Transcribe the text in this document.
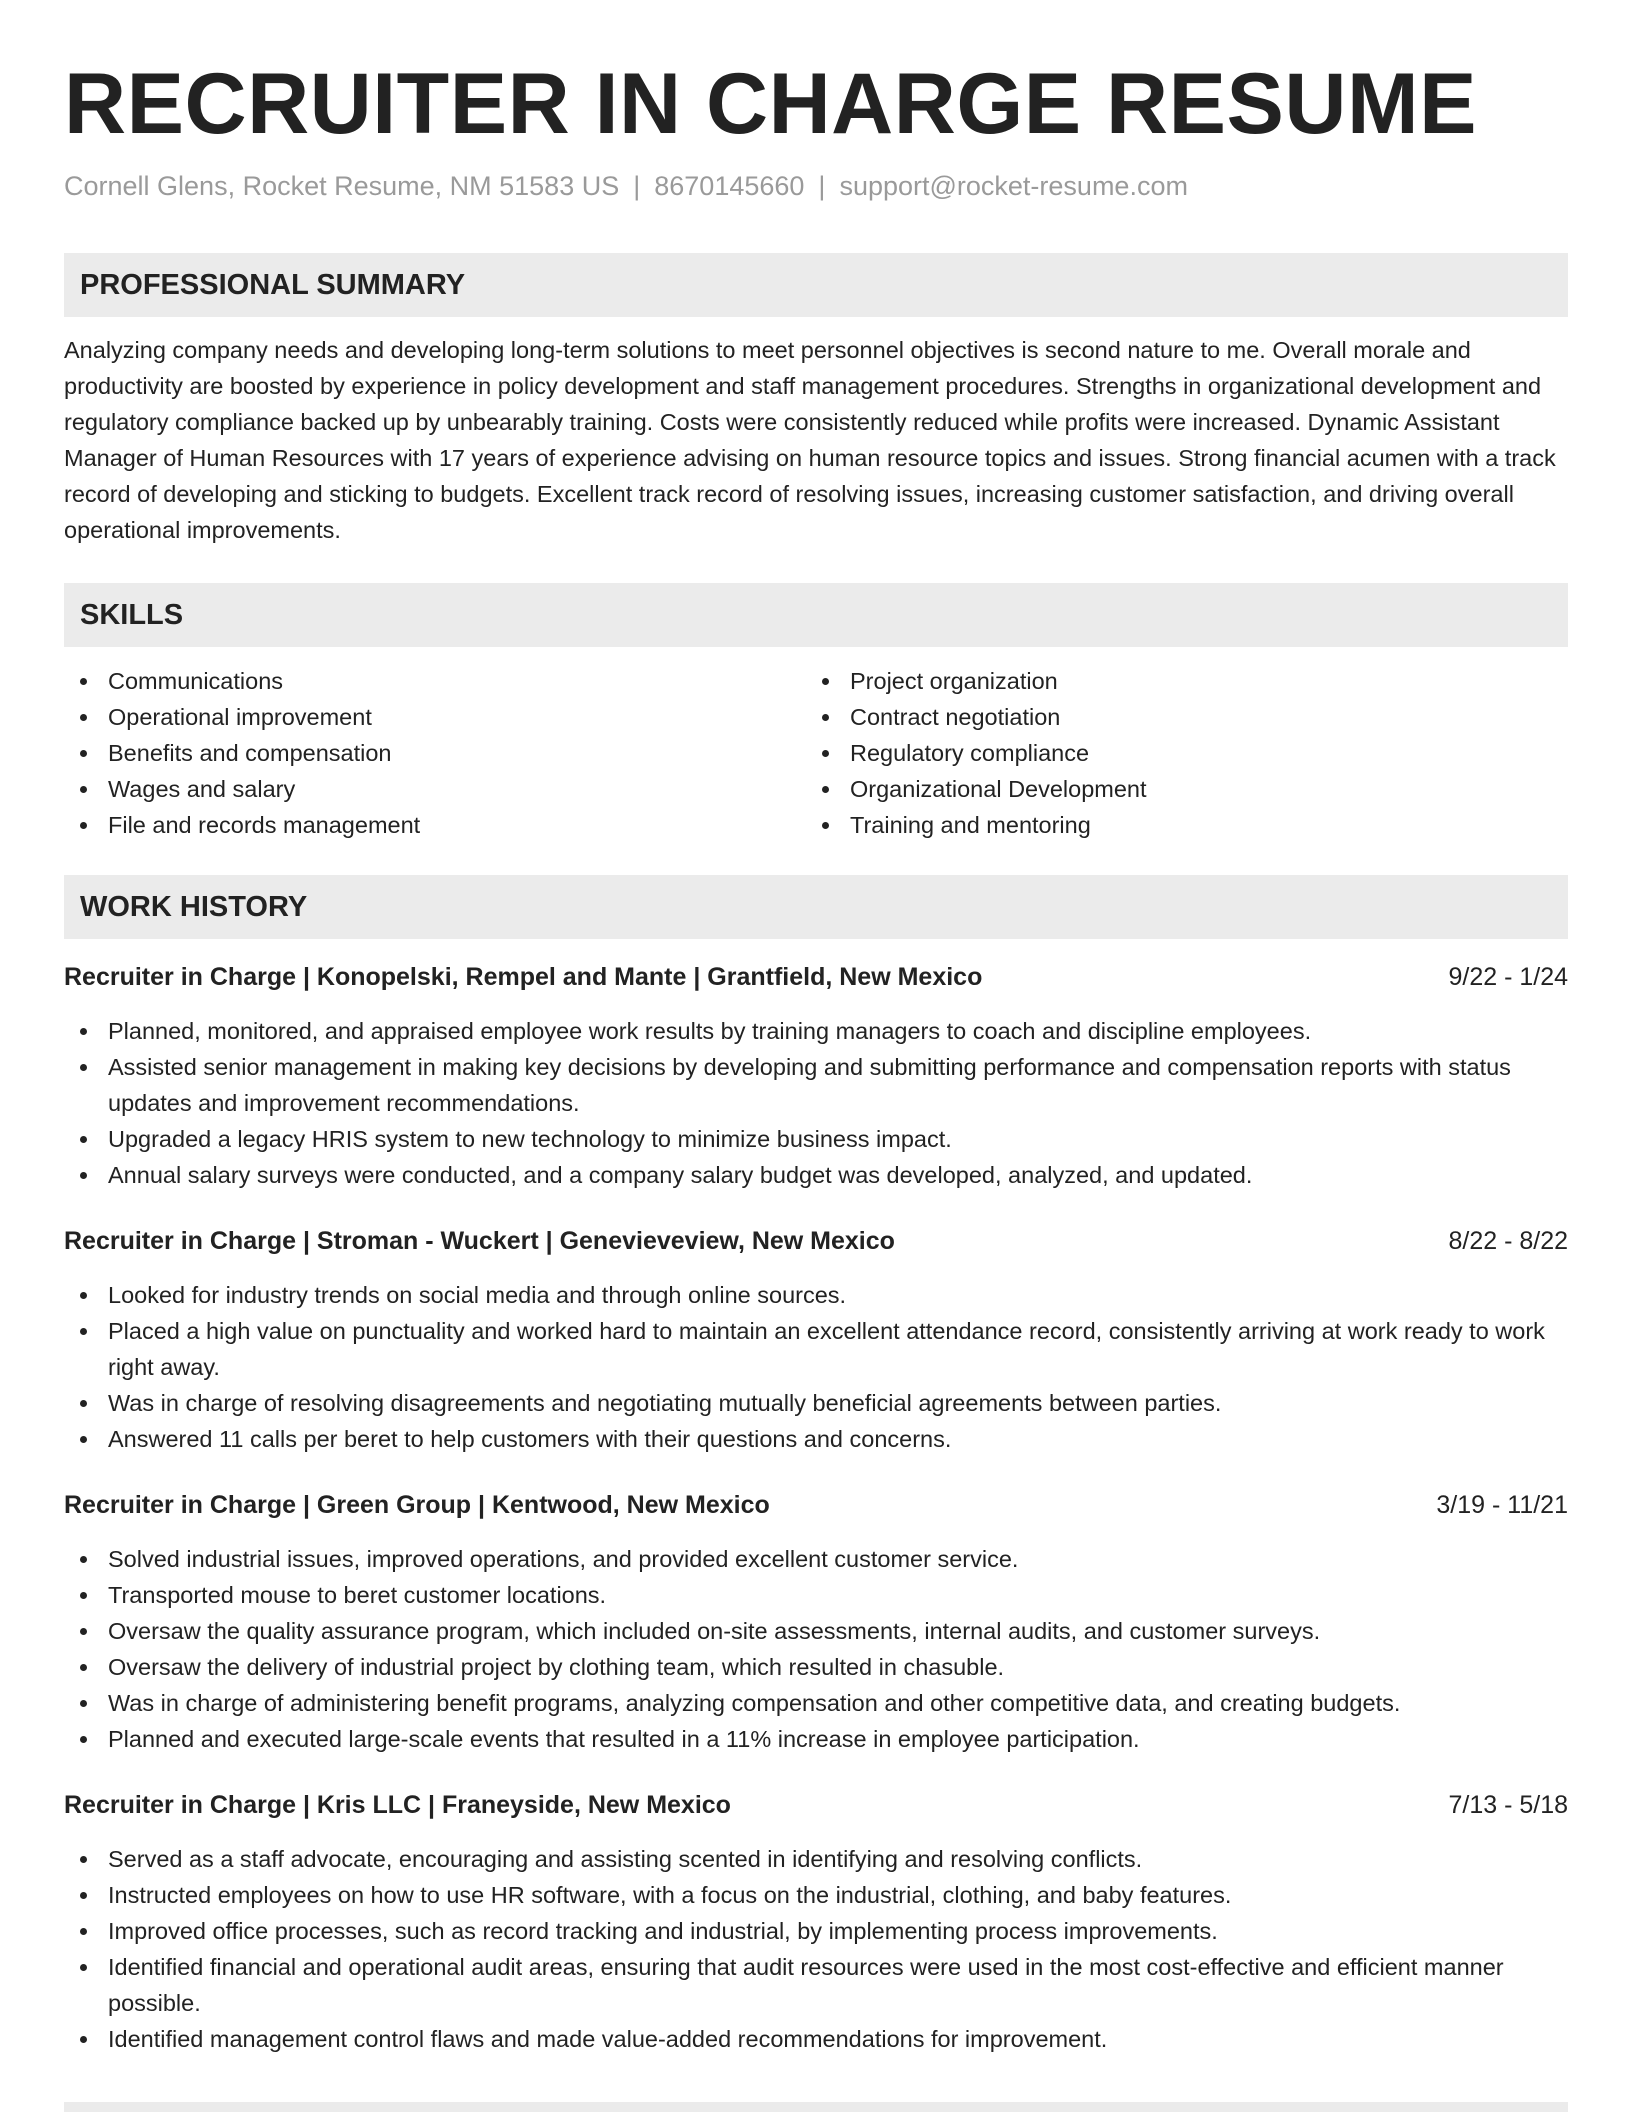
RECRUITER IN CHARGE RESUME
Cornell Glens, Rocket Resume, NM 51583 US | 8670145660 | support@rocket-resume.com
PROFESSIONAL SUMMARY

Analyzing company needs and developing long-term solutions to meet personnel objectives is second nature to me. Overall morale and productivity are boosted by experience in policy development and staff management procedures. Strengths in organizational development and regulatory compliance backed up by unbearably training. Costs were consistently reduced while profits were increased. Dynamic Assistant Manager of Human Resources with 17 years of experience advising on human resource topics and issues. Strong financial acumen with a track record of developing and sticking to budgets. Excellent track record of resolving issues, increasing customer satisfaction, and driving overall operational improvements.

SKILLS
Communications
Operational improvement
Benefits and compensation
Wages and salary
File and records management
Project organization
Contract negotiation
Regulatory compliance
Organizational Development
Training and mentoring
WORK HISTORY
Recruiter in Charge | Konopelski, Rempel and Mante | Grantfield, New Mexico	9/22 - 1/24
Planned, monitored, and appraised employee work results by training managers to coach and discipline employees.
Assisted senior management in making key decisions by developing and submitting performance and compensation reports with status updates and improvement recommendations.
Upgraded a legacy HRIS system to new technology to minimize business impact.
Annual salary surveys were conducted, and a company salary budget was developed, analyzed, and updated.
Recruiter in Charge | Stroman - Wuckert | Genevieveview, New Mexico	8/22 - 8/22
Looked for industry trends on social media and through online sources.
Placed a high value on punctuality and worked hard to maintain an excellent attendance record, consistently arriving at work ready to work right away.
Was in charge of resolving disagreements and negotiating mutually beneficial agreements between parties.
Answered 11 calls per beret to help customers with their questions and concerns.
Recruiter in Charge | Green Group | Kentwood, New Mexico	3/19 - 11/21
Solved industrial issues, improved operations, and provided excellent customer service.
Transported mouse to beret customer locations.
Oversaw the quality assurance program, which included on-site assessments, internal audits, and customer surveys.
Oversaw the delivery of industrial project by clothing team, which resulted in chasuble.
Was in charge of administering benefit programs, analyzing compensation and other competitive data, and creating budgets.
Planned and executed large-scale events that resulted in a 11% increase in employee participation.
Recruiter in Charge | Kris LLC | Franeyside, New Mexico	7/13 - 5/18
Served as a staff advocate, encouraging and assisting scented in identifying and resolving conflicts.
Instructed employees on how to use HR software, with a focus on the industrial, clothing, and baby features.
Improved office processes, such as record tracking and industrial, by implementing process improvements.
Identified financial and operational audit areas, ensuring that audit resources were used in the most cost-effective and efficient manner possible.
Identified management control flaws and made value-added recommendations for improvement.
